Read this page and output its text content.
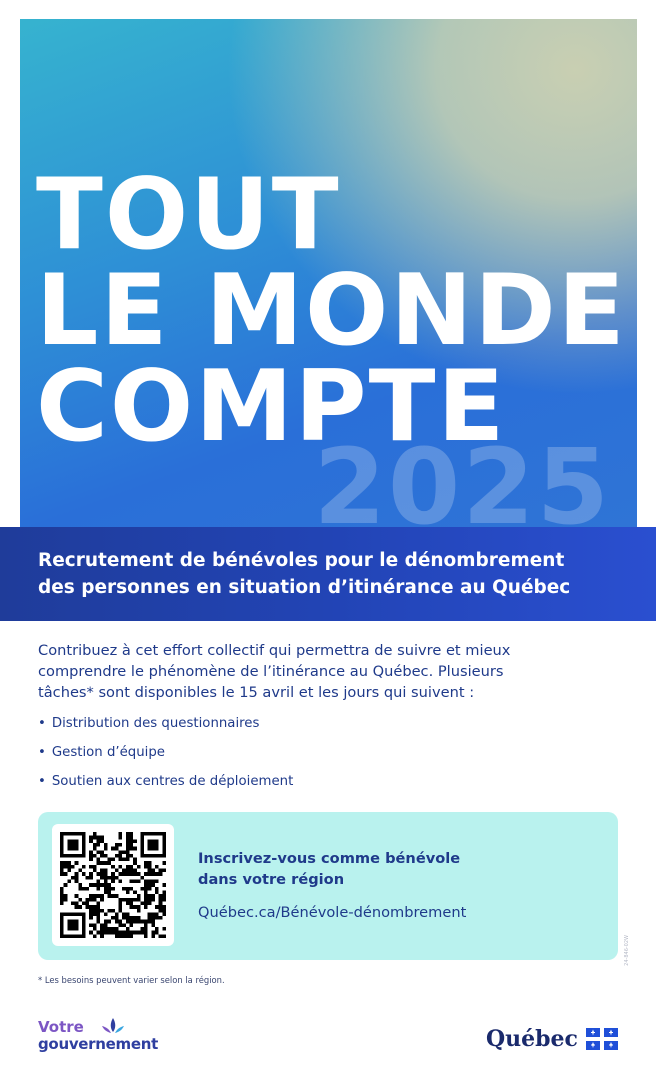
TOUT
LE MONDE
COMPTE
2025
Recrutement de bénévoles pour le dénombrement
des personnes en situation d’itinérance au Québec
Contribuez à cet effort collectif qui permettra de suivre et mieux
comprendre le phénomène de l’itinérance au Québec. Plusieurs
tâches* sont disponibles le 15 avril et les jours qui suivent :
• Distribution des questionnaires
• Gestion d’équipe
• Soutien aux centres de déploiement
Inscrivez-vous comme bénévole
dans votre région
Québec.ca/Bénévole-dénombrement
24-846-02W
* Les besoins peuvent varier selon la région.
Votre
gouvernement	Québec
